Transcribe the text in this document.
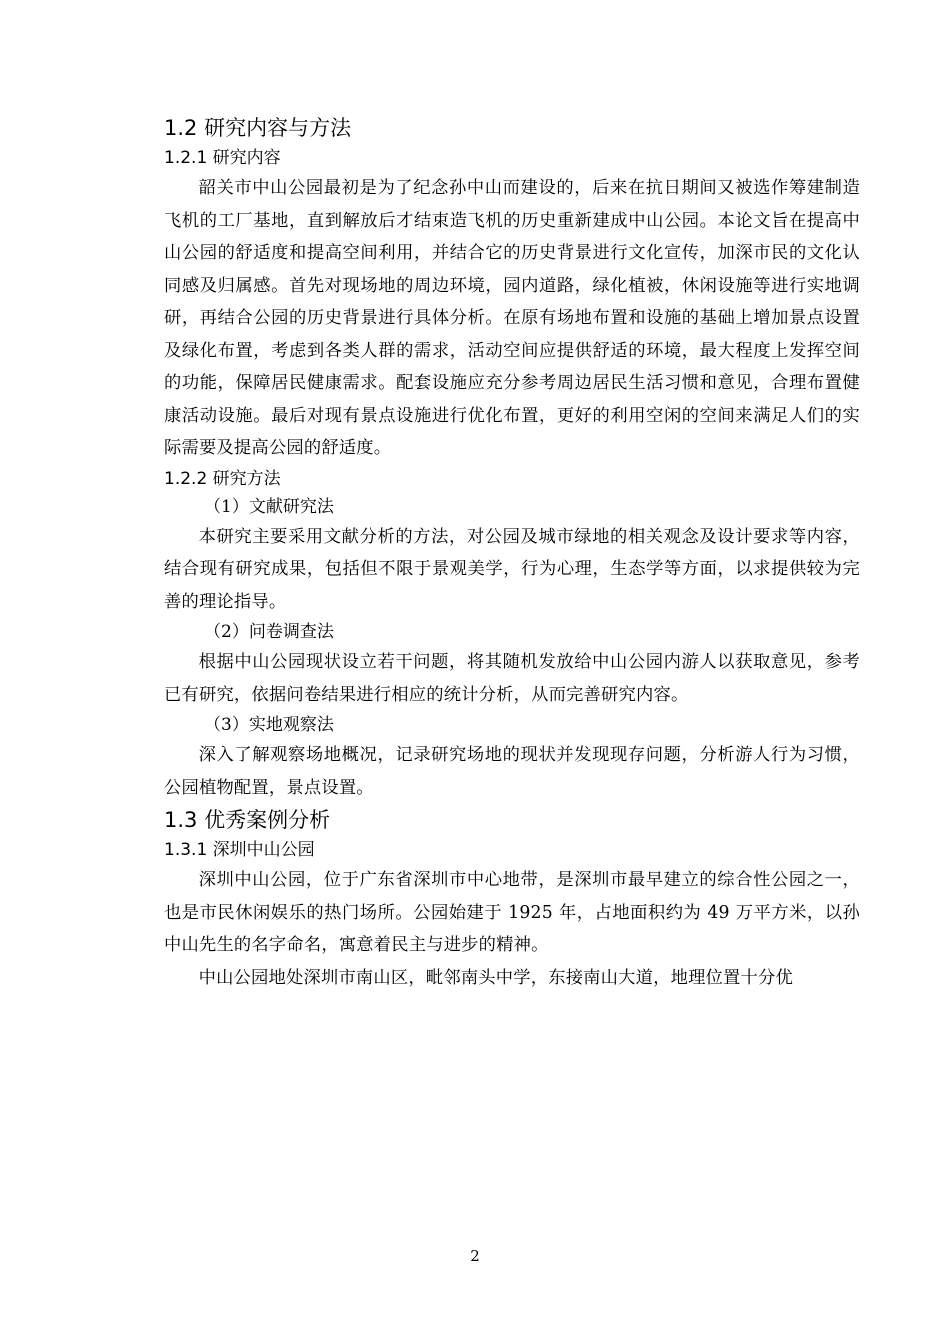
1.2 研究内容与方法
1.2.1 研究内容

韶关市中山公园最初是为了纪念孙中山而建设的，后来在抗日期间又被选作筹建制造飞机的工厂基地，直到解放后才结束造飞机的历史重新建成中山公园。本论文旨在提高中山公园的舒适度和提高空间利用，并结合它的历史背景进行文化宣传，加深市民的文化认同感及归属感。首先对现场地的周边环境，园内道路，绿化植被，休闲设施等进行实地调研，再结合公园的历史背景进行具体分析。在原有场地布置和设施的基础上增加景点设置及绿化布置，考虑到各类人群的需求，活动空间应提供舒适的环境，最大程度上发挥空间的功能，保障居民健康需求。配套设施应充分参考周边居民生活习惯和意见，合理布置健康活动设施。最后对现有景点设施进行优化布置，更好的利用空闲的空间来满足人们的实际需要及提高公园的舒适度。

1.2.2 研究方法

（1）文献研究法

本研究主要采用文献分析的方法，对公园及城市绿地的相关观念及设计要求等内容，结合现有研究成果，包括但不限于景观美学，行为心理，生态学等方面，以求提供较为完善的理论指导。

（2）问卷调查法

根据中山公园现状设立若干问题，将其随机发放给中山公园内游人以获取意见，参考已有研究，依据问卷结果进行相应的统计分析，从而完善研究内容。

（3）实地观察法

深入了解观察场地概况，记录研究场地的现状并发现现存问题，分析游人行为习惯，公园植物配置，景点设置。

1.3 优秀案例分析
1.3.1 深圳中山公园

深圳中山公园，位于广东省深圳市中心地带，是深圳市最早建立的综合性公园之一，也是市民休闲娱乐的热门场所。公园始建于 1925 年，占地面积约为 49 万平方米，以孙中山先生的名字命名，寓意着民主与进步的精神。

中山公园地处深圳市南山区，毗邻南头中学，东接南山大道，地理位置十分优

2
